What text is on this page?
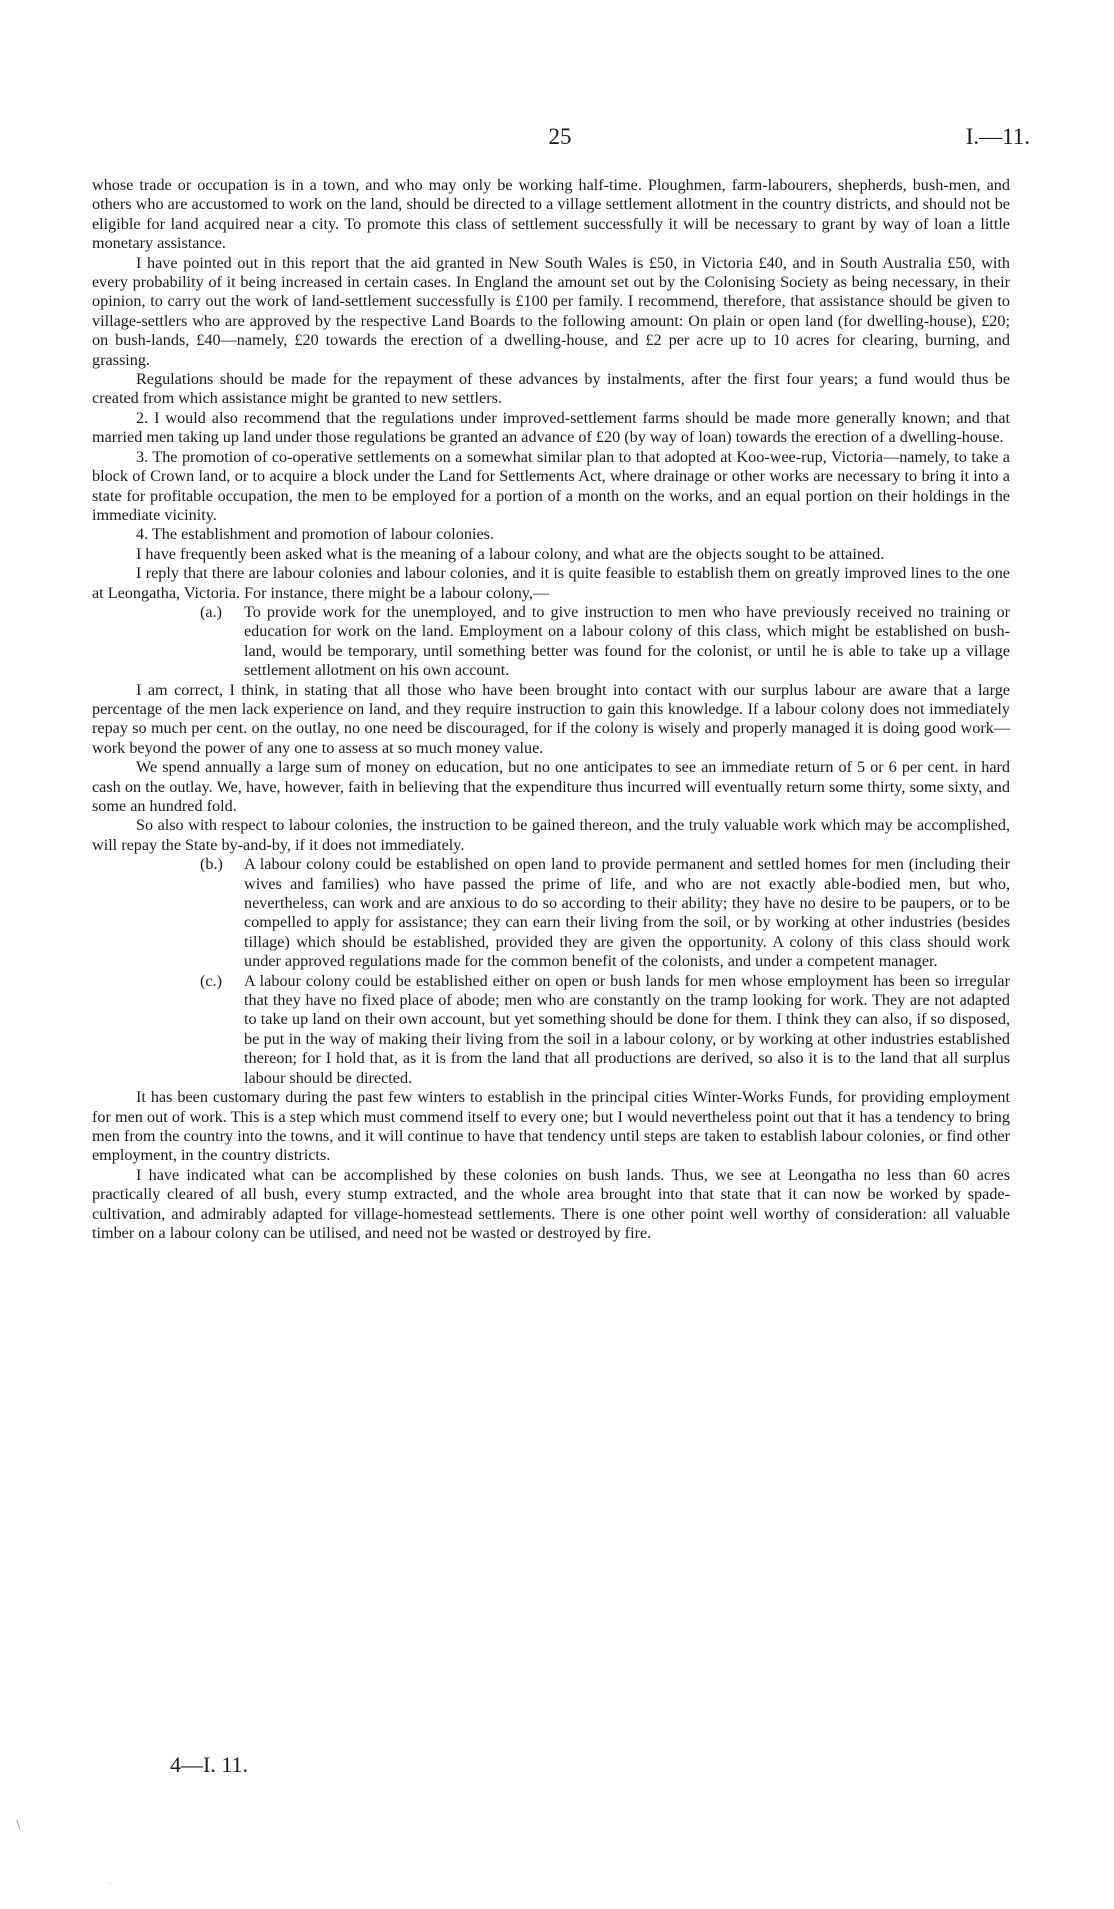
25	I.—11.

whose trade or occupation is in a town, and who may only be working half-time. Ploughmen, farm-labourers, shepherds, bush-men, and others who are accustomed to work on the land, should be directed to a village settlement allotment in the country districts, and should not be eligible for land acquired near a city. To promote this class of settlement successfully it will be necessary to grant by way of loan a little monetary assistance.

I have pointed out in this report that the aid granted in New South Wales is £50, in Victoria £40, and in South Australia £50, with every probability of it being increased in certain cases. In England the amount set out by the Colonising Society as being necessary, in their opinion, to carry out the work of land-settlement successfully is £100 per family. I recommend, therefore, that assistance should be given to village-settlers who are approved by the respective Land Boards to the following amount: On plain or open land (for dwelling-house), £20; on bush-lands, £40—namely, £20 towards the erection of a dwelling-house, and £2 per acre up to 10 acres for clearing, burning, and grassing.

Regulations should be made for the repayment of these advances by instalments, after the first four years; a fund would thus be created from which assistance might be granted to new settlers.

2. I would also recommend that the regulations under improved-settlement farms should be made more generally known; and that married men taking up land under those regulations be granted an advance of £20 (by way of loan) towards the erection of a dwelling-house.

3. The promotion of co-operative settlements on a somewhat similar plan to that adopted at Koo-wee-rup, Victoria—namely, to take a block of Crown land, or to acquire a block under the Land for Settlements Act, where drainage or other works are necessary to bring it into a state for profitable occupation, the men to be employed for a portion of a month on the works, and an equal portion on their holdings in the immediate vicinity.

4. The establishment and promotion of labour colonies.

I have frequently been asked what is the meaning of a labour colony, and what are the objects sought to be attained.

I reply that there are labour colonies and labour colonies, and it is quite feasible to establish them on greatly improved lines to the one at Leongatha, Victoria. For instance, there might be a labour colony,—

(a.) To provide work for the unemployed, and to give instruction to men who have previously received no training or education for work on the land. Employment on a labour colony of this class, which might be established on bush-land, would be temporary, until something better was found for the colonist, or until he is able to take up a village settlement allotment on his own account.

I am correct, I think, in stating that all those who have been brought into contact with our surplus labour are aware that a large percentage of the men lack experience on land, and they require instruction to gain this knowledge. If a labour colony does not immediately repay so much per cent. on the outlay, no one need be discouraged, for if the colony is wisely and properly managed it is doing good work—work beyond the power of any one to assess at so much money value.

We spend annually a large sum of money on education, but no one anticipates to see an immediate return of 5 or 6 per cent. in hard cash on the outlay. We, have, however, faith in believing that the expenditure thus incurred will eventually return some thirty, some sixty, and some an hundred fold.

So also with respect to labour colonies, the instruction to be gained thereon, and the truly valuable work which may be accomplished, will repay the State by-and-by, if it does not immediately.

(b.) A labour colony could be established on open land to provide permanent and settled homes for men (including their wives and families) who have passed the prime of life, and who are not exactly able-bodied men, but who, nevertheless, can work and are anxious to do so according to their ability; they have no desire to be paupers, or to be compelled to apply for assistance; they can earn their living from the soil, or by working at other industries (besides tillage) which should be established, provided they are given the opportunity. A colony of this class should work under approved regulations made for the common benefit of the colonists, and under a competent manager.

(c.) A labour colony could be established either on open or bush lands for men whose employment has been so irregular that they have no fixed place of abode; men who are constantly on the tramp looking for work. They are not adapted to take up land on their own account, but yet something should be done for them. I think they can also, if so disposed, be put in the way of making their living from the soil in a labour colony, or by working at other industries established thereon; for I hold that, as it is from the land that all productions are derived, so also it is to the land that all surplus labour should be directed.

It has been customary during the past few winters to establish in the principal cities Winter-Works Funds, for providing employment for men out of work. This is a step which must commend itself to every one; but I would nevertheless point out that it has a tendency to bring men from the country into the towns, and it will continue to have that tendency until steps are taken to establish labour colonies, or find other employment, in the country districts.

I have indicated what can be accomplished by these colonies on bush lands. Thus, we see at Leongatha no less than 60 acres practically cleared of all bush, every stump extracted, and the whole area brought into that state that it can now be worked by spade-cultivation, and admirably adapted for village-homestead settlements. There is one other point well worthy of consideration: all valuable timber on a labour colony can be utilised, and need not be wasted or destroyed by fire.

4—I. 11.
∖
·
